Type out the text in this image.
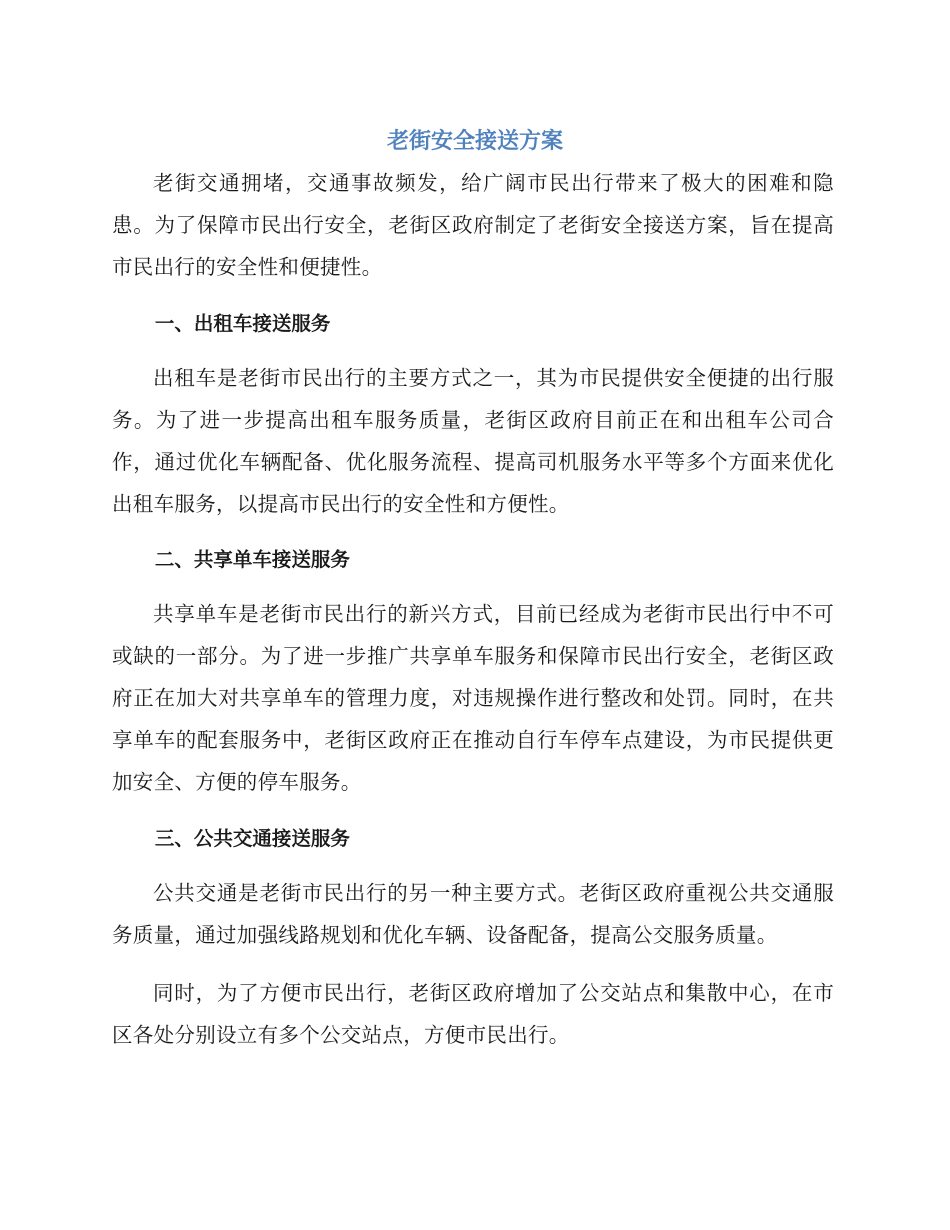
老街安全接送方案

老街交通拥堵，交通事故频发，给广阔市民出行带来了极大的困难和隐患。为了保障市民出行安全，老街区政府制定了老街安全接送方案，旨在提高市民出行的安全性和便捷性。

一、出租车接送服务

出租车是老街市民出行的主要方式之一，其为市民提供安全便捷的出行服务。为了进一步提高出租车服务质量，老街区政府目前正在和出租车公司合作，通过优化车辆配备、优化服务流程、提高司机服务水平等多个方面来优化出租车服务，以提高市民出行的安全性和方便性。

二、共享单车接送服务

共享单车是老街市民出行的新兴方式，目前已经成为老街市民出行中不可或缺的一部分。为了进一步推广共享单车服务和保障市民出行安全，老街区政府正在加大对共享单车的管理力度，对违规操作进行整改和处罚。同时，在共享单车的配套服务中，老街区政府正在推动自行车停车点建设，为市民提供更加安全、方便的停车服务。

三、公共交通接送服务

公共交通是老街市民出行的另一种主要方式。老街区政府重视公共交通服务质量，通过加强线路规划和优化车辆、设备配备，提高公交服务质量。

同时，为了方便市民出行，老街区政府增加了公交站点和集散中心，在市区各处分别设立有多个公交站点，方便市民出行。
